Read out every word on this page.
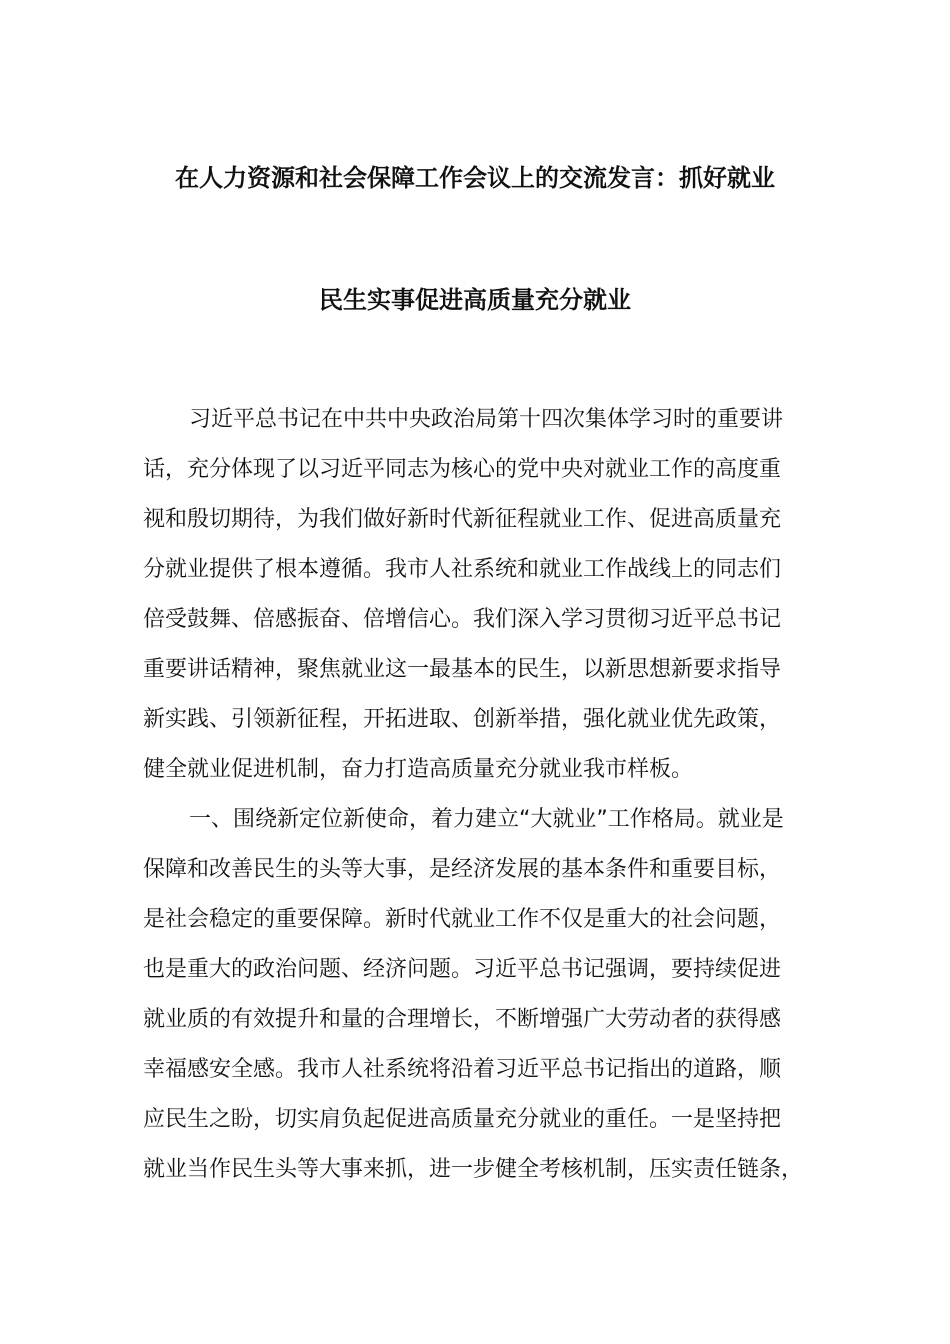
在人力资源和社会保障工作会议上的交流发言：抓好就业
民生实事促进高质量充分就业
习近平总书记在中共中央政治局第十四次集体学习时的重要讲
话，充分体现了以习近平同志为核心的党中央对就业工作的高度重
视和殷切期待，为我们做好新时代新征程就业工作、促进高质量充
分就业提供了根本遵循。我市人社系统和就业工作战线上的同志们
倍受鼓舞、倍感振奋、倍增信心。我们深入学习贯彻习近平总书记
重要讲话精神，聚焦就业这一最基本的民生，以新思想新要求指导
新实践、引领新征程，开拓进取、创新举措，强化就业优先政策，
健全就业促进机制，奋力打造高质量充分就业我市样板。
一、围绕新定位新使命，着力建立“大就业”工作格局。就业是
保障和改善民生的头等大事，是经济发展的基本条件和重要目标，
是社会稳定的重要保障。新时代就业工作不仅是重大的社会问题，
也是重大的政治问题、经济问题。习近平总书记强调，要持续促进
就业质的有效提升和量的合理增长，不断增强广大劳动者的获得感
幸福感安全感。我市人社系统将沿着习近平总书记指出的道路，顺
应民生之盼，切实肩负起促进高质量充分就业的重任。一是坚持把
就业当作民生头等大事来抓，进一步健全考核机制，压实责任链条，
